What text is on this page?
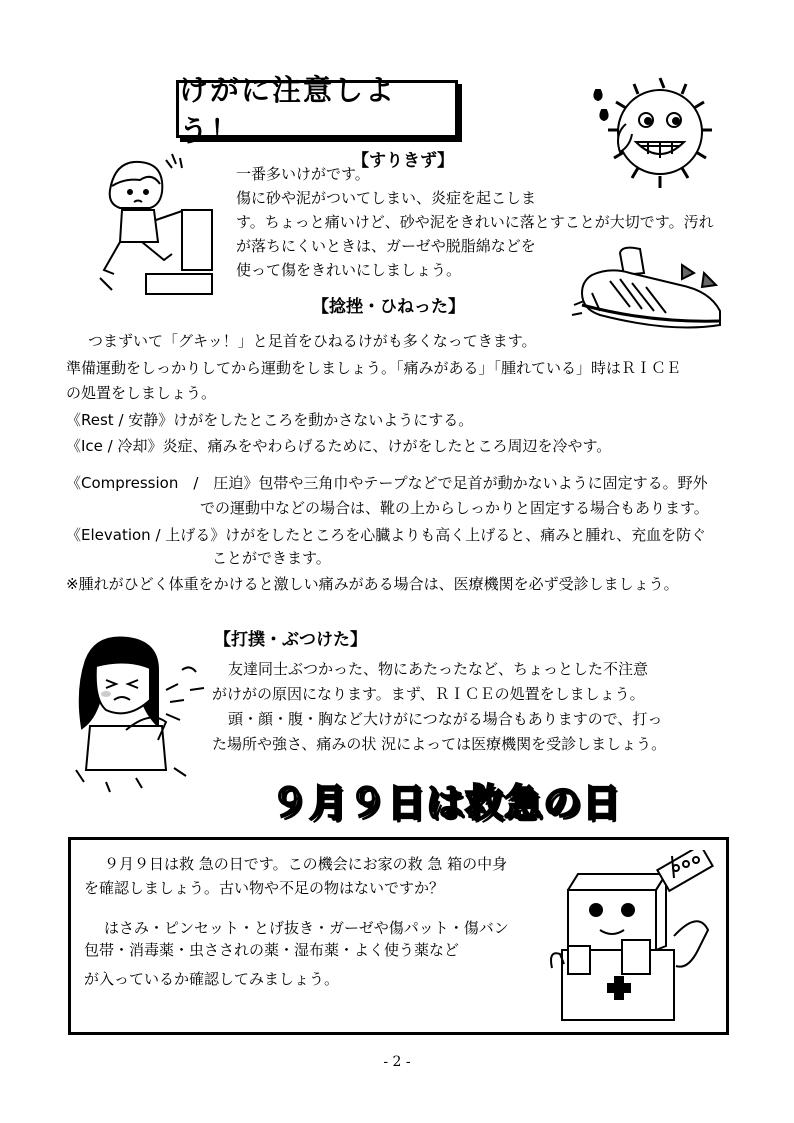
けがに注意しよう！
【すりきず】
一番多いけがです。
傷に砂や泥がついてしまい、炎症を起こしま
す。ちょっと痛いけど、砂や泥をきれいに落とすことが大切です。汚れ
が落ちにくいときは、ガーゼや脱脂綿などを
使って傷をきれいにしましょう。
【捻挫・ひねった】
つまずいて「グキッ！」と足首をひねるけがも多くなってきます。
準備運動をしっかりしてから運動をしましょう。「痛みがある」「腫れている」時はＲＩＣＥ
の処置をしましょう。
《Rest / 安静》けがをしたところを動かさないようにする。
《Ice / 冷却》炎症、痛みをやわらげるために、けがをしたところ周辺を冷やす。
《Compression　/　圧迫》包帯や三角巾やテープなどで足首が動かないように固定する。野外
での運動中などの場合は、靴の上からしっかりと固定する場合もあります。
《Elevation / 上げる》けがをしたところを心臓よりも高く上げると、痛みと腫れ、充血を防ぐ
ことができます。
※腫れがひどく体重をかけると激しい痛みがある場合は、医療機関を必ず受診しましょう。
【打撲・ぶつけた】
友達同士ぶつかった、物にあたったなど、ちょっとした不注意
がけがの原因になります。まず、ＲＩＣＥの処置をしましょう。
頭・顔・腹・胸など大けがにつながる場合もありますので、打っ
た場所や強さ、痛みの状 況によっては医療機関を受診しましょう。
９月９日は救急の日
９月９日は救 急の日です。この機会にお家の救 急 箱の中身
を確認しましょう。古い物や不足の物はないですか？
はさみ・ピンセット・とげ抜き・ガーゼや傷パット・傷バン
包帯・消毒薬・虫さされの薬・湿布薬・よく使う薬など
が入っているか確認してみましょう。
- 2 -
